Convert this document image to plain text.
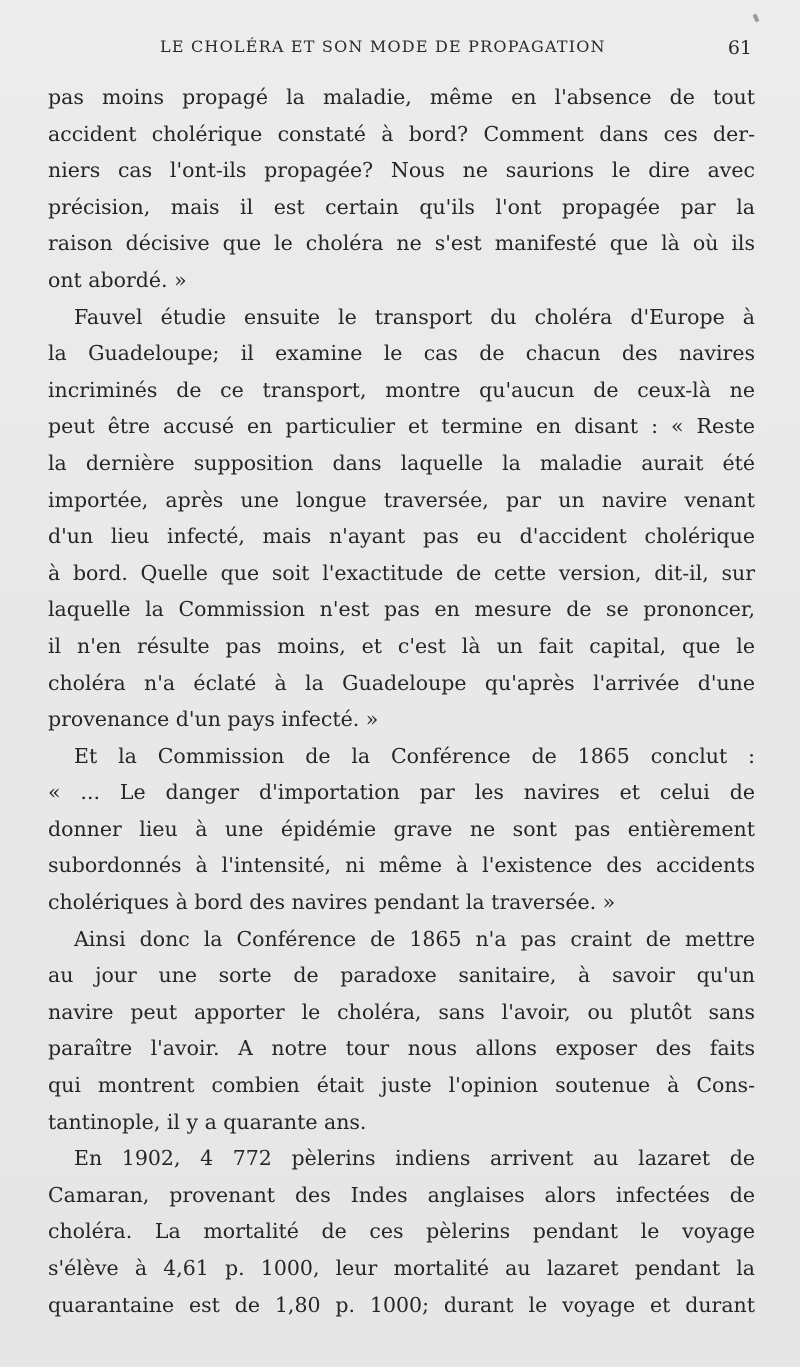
LE CHOLÉRA ET SON MODE DE PROPAGATION	61
pas moins propagé la maladie, même en l'absence de tout
accident cholérique constaté à bord? Comment dans ces der-
niers cas l'ont-ils propagée? Nous ne saurions le dire avec
précision, mais il est certain qu'ils l'ont propagée par la
raison décisive que le choléra ne s'est manifesté que là où ils
ont abordé. »
Fauvel étudie ensuite le transport du choléra d'Europe à
la Guadeloupe; il examine le cas de chacun des navires
incriminés de ce transport, montre qu'aucun de ceux-là ne
peut être accusé en particulier et termine en disant : « Reste
la dernière supposition dans laquelle la maladie aurait été
importée, après une longue traversée, par un navire venant
d'un lieu infecté, mais n'ayant pas eu d'accident cholérique
à bord. Quelle que soit l'exactitude de cette version, dit-il, sur
laquelle la Commission n'est pas en mesure de se prononcer,
il n'en résulte pas moins, et c'est là un fait capital, que le
choléra n'a éclaté à la Guadeloupe qu'après l'arrivée d'une
provenance d'un pays infecté. »
Et la Commission de la Conférence de 1865 conclut :
« ... Le danger d'importation par les navires et celui de
donner lieu à une épidémie grave ne sont pas entièrement
subordonnés à l'intensité, ni même à l'existence des accidents
cholériques à bord des navires pendant la traversée. »
Ainsi donc la Conférence de 1865 n'a pas craint de mettre
au jour une sorte de paradoxe sanitaire, à savoir qu'un
navire peut apporter le choléra, sans l'avoir, ou plutôt sans
paraître l'avoir. A notre tour nous allons exposer des faits
qui montrent combien était juste l'opinion soutenue à Cons-
tantinople, il y a quarante ans.
En 1902, 4 772 pèlerins indiens arrivent au lazaret de
Camaran, provenant des Indes anglaises alors infectées de
choléra. La mortalité de ces pèlerins pendant le voyage
s'élève à 4,61 p. 1000, leur mortalité au lazaret pendant la
quarantaine est de 1,80 p. 1000; durant le voyage et durant
